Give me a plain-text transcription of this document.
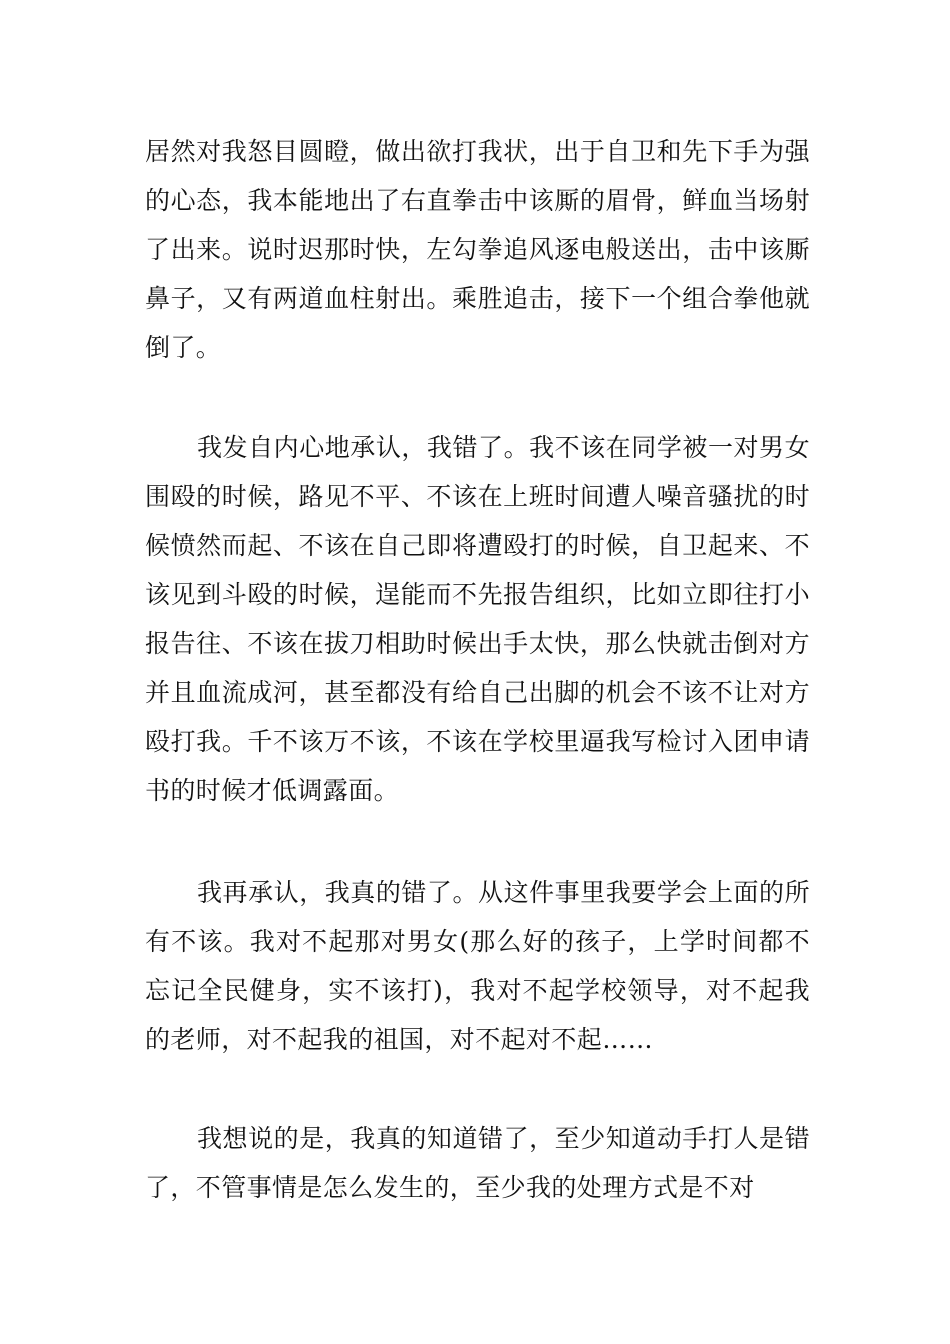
居然对我怒目圆瞪，做出欲打我状，出于自卫和先下手为强的心态，我本能地出了右直拳击中该厮的眉骨，鲜血当场射了出来。说时迟那时快，左勾拳追风逐电般送出，击中该厮鼻子，又有两道血柱射出。乘胜追击，接下一个组合拳他就倒了。

我发自内心地承认，我错了。我不该在同学被一对男女围殴的时候，路见不平、不该在上班时间遭人噪音骚扰的时候愤然而起、不该在自己即将遭殴打的时候，自卫起来、不该见到斗殴的时候，逞能而不先报告组织，比如立即往打小报告往、不该在拔刀相助时候出手太快，那么快就击倒对方并且血流成河，甚至都没有给自己出脚的机会不该不让对方殴打我。千不该万不该，不该在学校里逼我写检讨入团申请书的时候才低调露面。

我再承认，我真的错了。从这件事里我要学会上面的所有不该。我对不起那对男女(那么好的孩子，上学时间都不忘记全民健身，实不该打)，我对不起学校领导，对不起我的老师，对不起我的祖国，对不起对不起……

我想说的是，我真的知道错了，至少知道动手打人是错了，不管事情是怎么发生的，至少我的处理方式是不对
